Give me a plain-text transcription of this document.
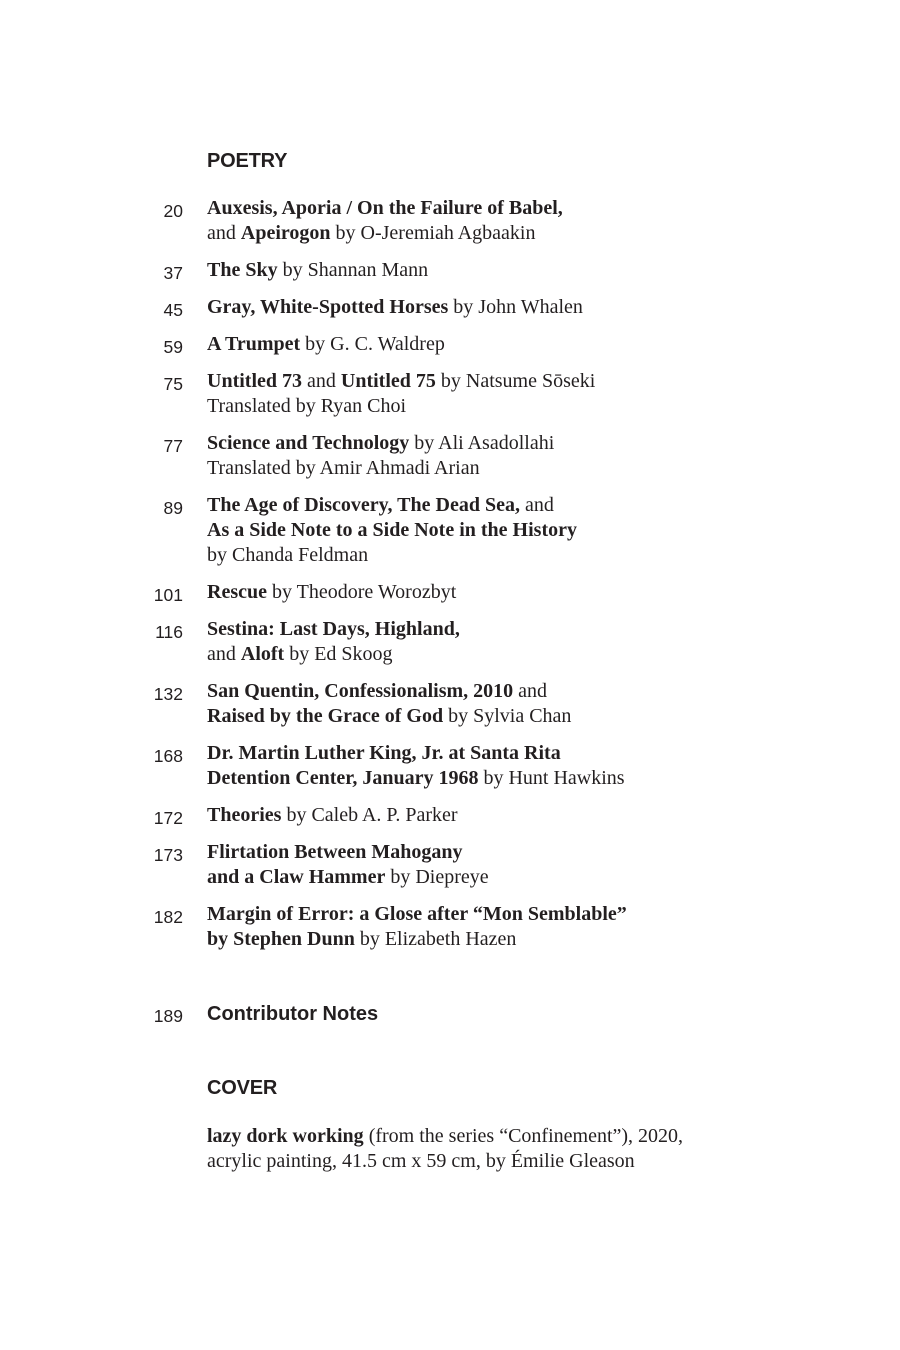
POETRY
20 Auxesis, Aporia / On the Failure of Babel,
and Apeirogon by O-Jeremiah Agbaakin
37 The Sky by Shannan Mann
45 Gray, White-Spotted Horses by John Whalen
59 A Trumpet by G. C. Waldrep
75 Untitled 73 and Untitled 75 by Natsume Sōseki
Translated by Ryan Choi
77 Science and Technology by Ali Asadollahi
Translated by Amir Ahmadi Arian
89 The Age of Discovery, The Dead Sea, and
As a Side Note to a Side Note in the History
by Chanda Feldman
101 Rescue by Theodore Worozbyt
116 Sestina: Last Days, Highland,
and Aloft by Ed Skoog
132 San Quentin, Confessionalism, 2010 and
Raised by the Grace of God by Sylvia Chan
168 Dr. Martin Luther King, Jr. at Santa Rita
Detention Center, January 1968 by Hunt Hawkins
172 Theories by Caleb A. P. Parker
173 Flirtation Between Mahogany
and a Claw Hammer by Diepreye
182 Margin of Error: a Glose after “Mon Semblable”
by Stephen Dunn by Elizabeth Hazen
189 Contributor Notes
COVER
lazy dork working (from the series “Confinement”), 2020,
acrylic painting, 41.5 cm x 59 cm, by Émilie Gleason
